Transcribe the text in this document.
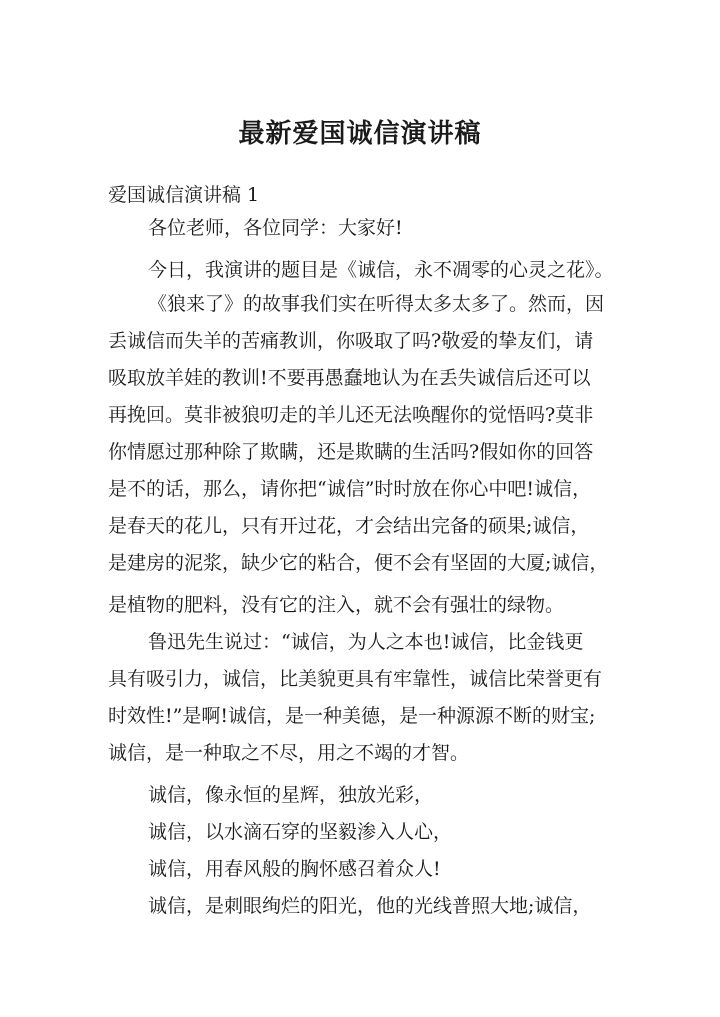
最新爱国诚信演讲稿
爱国诚信演讲稿 1
各位老师，各位同学：大家好!
今日，我演讲的题目是《诚信，永不凋零的心灵之花》。
《狼来了》的故事我们实在听得太多太多了。然而，因
丢诚信而失羊的苦痛教训，你吸取了吗?敬爱的挚友们，请
吸取放羊娃的教训!不要再愚蠢地认为在丢失诚信后还可以
再挽回。莫非被狼叨走的羊儿还无法唤醒你的觉悟吗?莫非
你情愿过那种除了欺瞒，还是欺瞒的生活吗?假如你的回答
是不的话，那么，请你把“诚信”时时放在你心中吧!诚信，
是春天的花儿，只有开过花，才会结出完备的硕果;诚信，
是建房的泥浆，缺少它的粘合，便不会有坚固的大厦;诚信，
是植物的肥料，没有它的注入，就不会有强壮的绿物。
鲁迅先生说过：“诚信，为人之本也!诚信，比金钱更
具有吸引力，诚信，比美貌更具有牢靠性，诚信比荣誉更有
时效性!”是啊!诚信，是一种美德，是一种源源不断的财宝;
诚信，是一种取之不尽，用之不竭的才智。
诚信，像永恒的星辉，独放光彩，
诚信，以水滴石穿的坚毅渗入人心，
诚信，用春风般的胸怀感召着众人!
诚信，是刺眼绚烂的阳光，他的光线普照大地;诚信，
